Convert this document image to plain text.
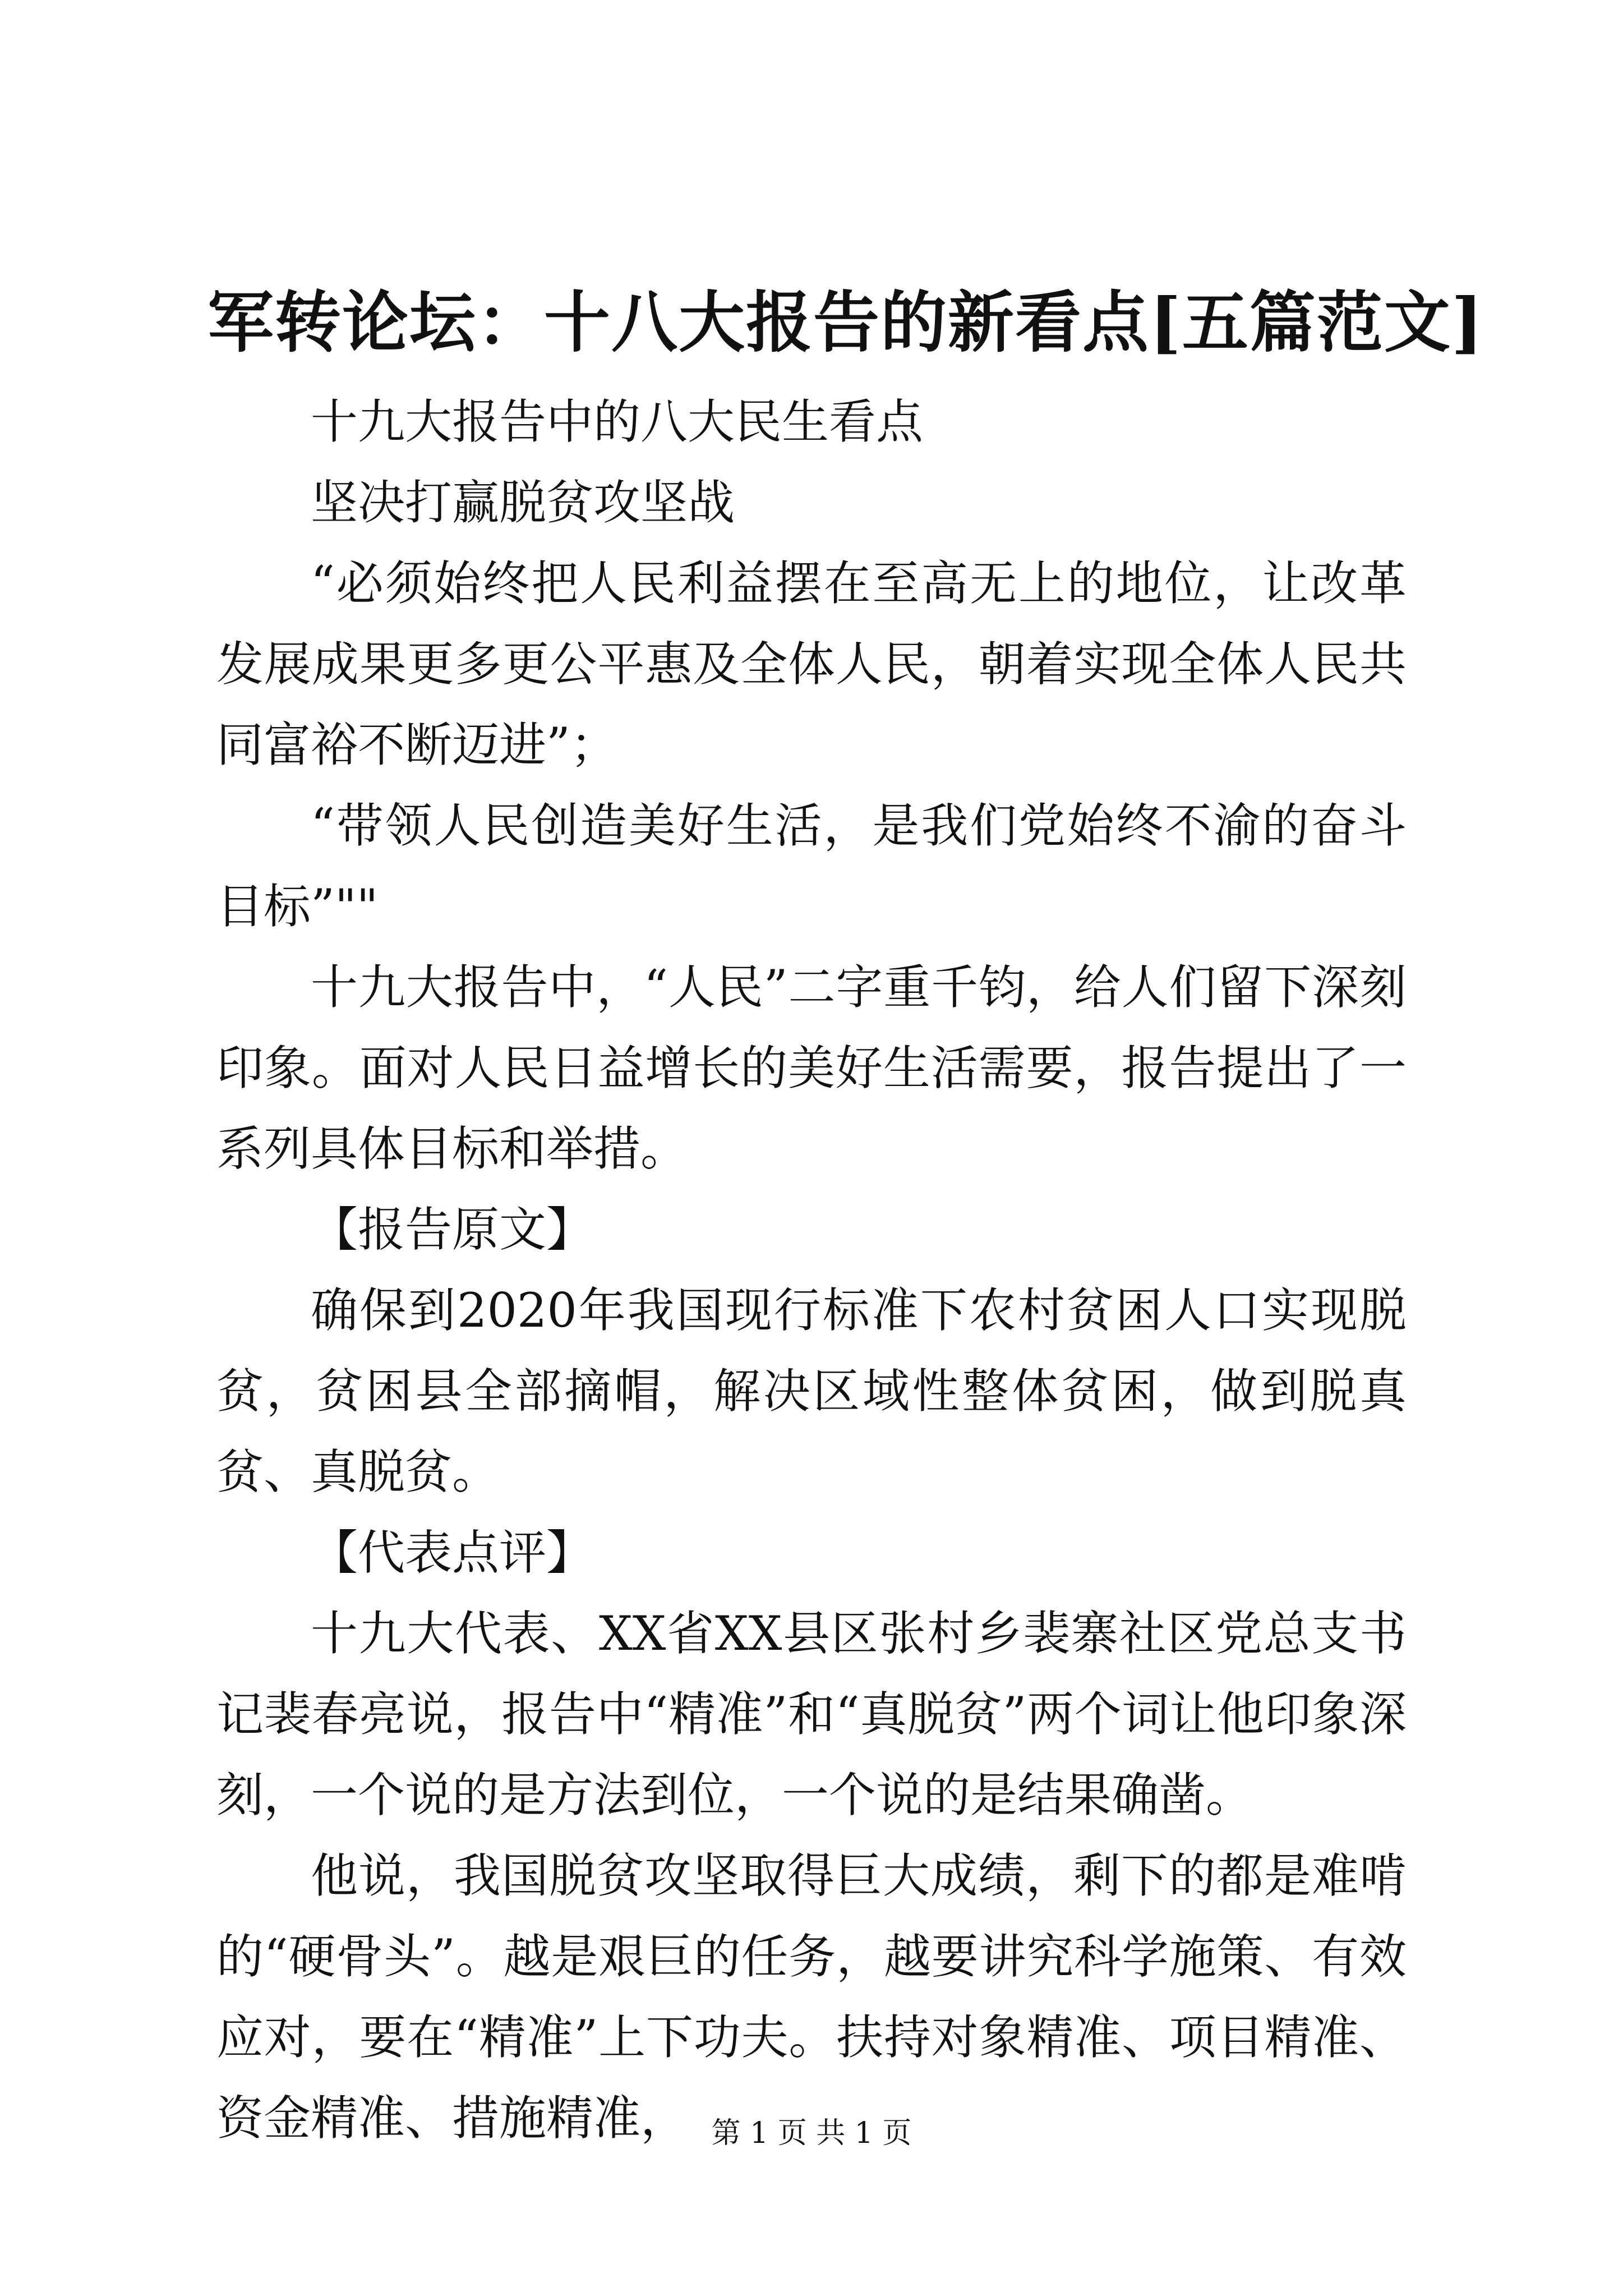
军转论坛：十八大报告的新看点[五篇范文]

十九大报告中的八大民生看点

坚决打赢脱贫攻坚战

“必须始终把人民利益摆在至高无上的地位，让改革发展成果更多更公平惠及全体人民，朝着实现全体人民共同富裕不断迈进”；

“带领人民创造美好生活，是我们党始终不渝的奋斗目标”""

十九大报告中，“人民”二字重千钧，给人们留下深刻印象。面对人民日益增长的美好生活需要，报告提出了一系列具体目标和举措。

【报告原文】

确保到2020年我国现行标准下农村贫困人口实现脱贫，贫困县全部摘帽，解决区域性整体贫困，做到脱真贫、真脱贫。

【代表点评】

十九大代表、XX省XX县区张村乡裴寨社区党总支书记裴春亮说，报告中“精准”和“真脱贫”两个词让他印象深刻，一个说的是方法到位，一个说的是结果确凿。

他说，我国脱贫攻坚取得巨大成绩，剩下的都是难啃的“硬骨头”。越是艰巨的任务，越要讲究科学施策、有效应对，要在“精准”上下功夫。扶持对象精准、项目精准、资金精准、措施精准， 第 1 页 共 1 页
